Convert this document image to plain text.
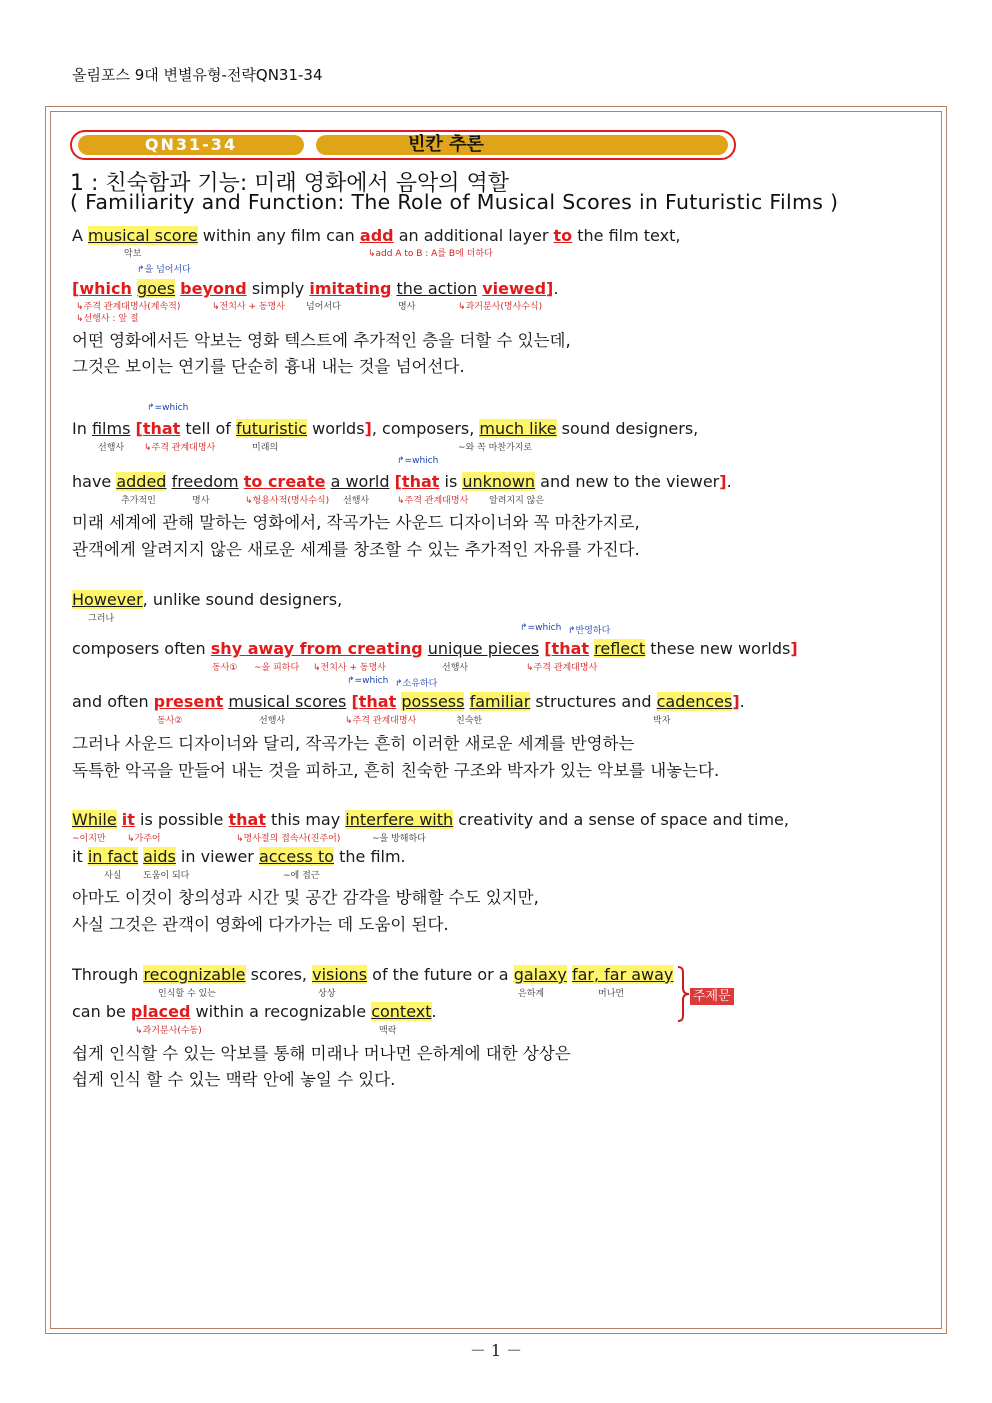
올림포스 9대 변별유형-전략QN31-34
QN31-34	빈칸 추론
1 : 친숙함과 기능: 미래 영화에서 음악의 역할
( Familiarity and Function: The Role of Musical Scores in Futuristic Films )
A musical score within any film can add an additional layer to the film text,
악보	↳add A to B : A를 B에 더하다
↱을 넘어서다
[which goes beyond simply imitating the action viewed].
↳주격 관계대명사(계속적)
↳선행사 : 앞 절
↳전치사 + 동명사 넘어서다	명사	↳과거분사(명사수식)
어떤 영화에서든 악보는 영화 텍스트에 추가적인 층을 더할 수 있는데,
그것은 보이는 연기를 단순히 흉내 내는 것을 넘어선다.
↱=which
In films [that tell of futuristic worlds], composers, much like sound designers,
선행사 ↳주격 관계대명사	미래의	~와 꼭 마찬가지로
↱=which
have added freedom to create a world [that is unknown and new to the viewer].
추가적인	명사	↳형용사적(명사수식) 선행사	↳주격 관계대명사 알려지지 않은
미래 세계에 관해 말하는 영화에서, 작곡가는 사운드 디자이너와 꼭 마찬가지로,
관객에게 알려지지 않은 새로운 세계를 창조할 수 있는 추가적인 자유를 가진다.
However, unlike sound designers,
그러나
↱=which ↱반영하다
composers often shy away from creating unique pieces [that reflect these new worlds]
동사① ~을 피하다 ↳전치사 + 동명사	선행사	↳주격 관계대명사
↱=which ↱소유하다
and often present musical scores [that possess familiar structures and cadences].
동사②	선행사	↳주격 관계대명사	친숙한	박자
그러나 사운드 디자이너와 달리, 작곡가는 흔히 이러한 새로운 세계를 반영하는
독특한 악곡을 만들어 내는 것을 피하고, 흔히 친숙한 구조와 박자가 있는 악보를 내놓는다.
While it is possible that this may interfere with creativity and a sense of space and time,
~이지만 ↳가주어	↳명사절의 접속사(진주어)	~을 방해하다
it in fact aids in viewer access to the film.
사실 도움이 되다	~에 접근
아마도 이것이 창의성과 시간 및 공간 감각을 방해할 수도 있지만,
사실 그것은 관객이 영화에 다가가는 데 도움이 된다.
Through recognizable scores, visions of the future or a galaxy far, far away
인식할 수 있는	상상	은하계	머나먼
can be placed within a recognizable context.
↳과거분사(수동)	맥락
주제문
쉽게 인식할 수 있는 악보를 통해 미래나 머나먼 은하계에 대한 상상은
쉽게 인식 할 수 있는 맥락 안에 놓일 수 있다.
－ 1 －
